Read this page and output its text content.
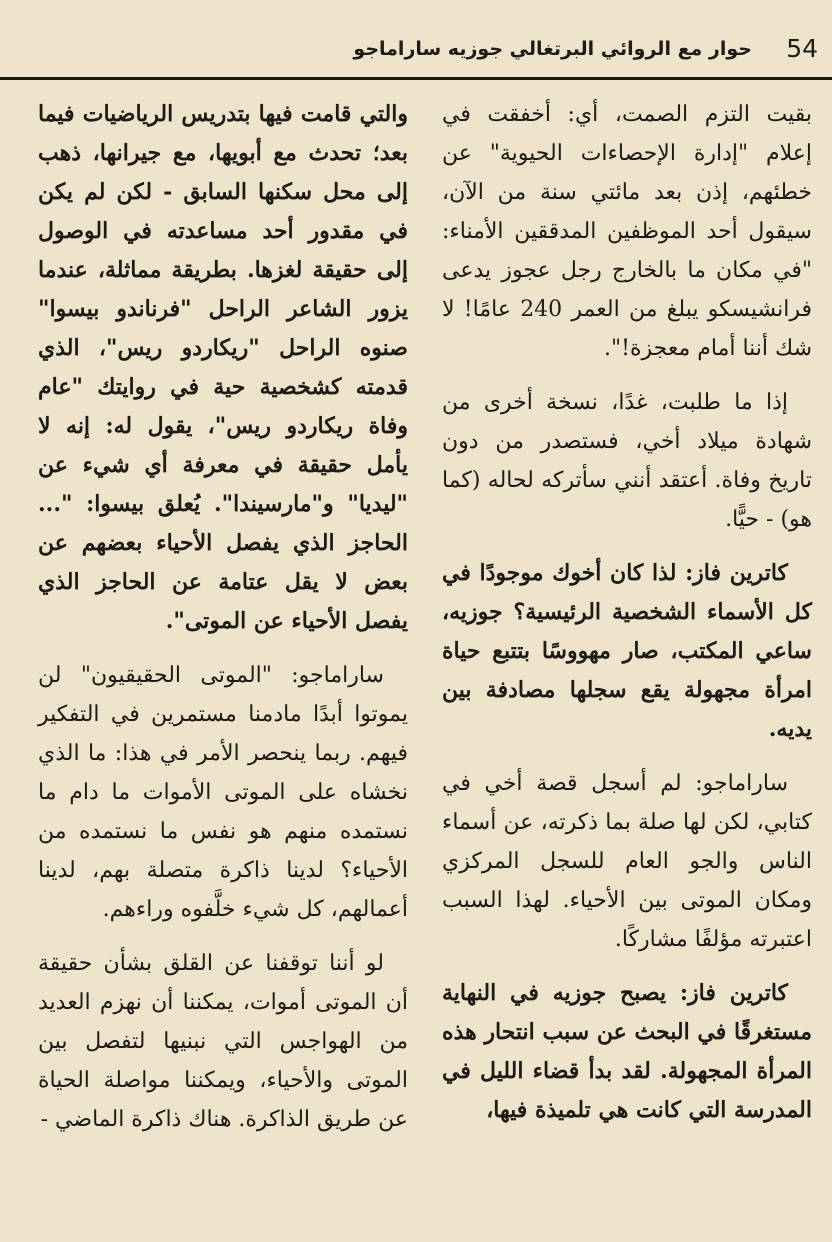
54
حوار مع الروائي البرتغالي جوزيه ساراماجو

بقيت التزم الصمت، أي: أخفقت في إعلام "إدارة الإحصاءات الحيوية" عن خطئهم، إذن بعد مائتي سنة من الآن، سيقول أحد الموظفين المدققين الأمناء: "في مكان ما بالخارج رجل عجوز يدعى فرانشيسكو يبلغ من العمر 240 عامًا! لا شك أننا أمام معجزة!".

إذا ما طلبت، غدًا، نسخة أخرى من شهادة ميلاد أخي، فستصدر من دون تاريخ وفاة. أعتقد أنني سأتركه لحاله (كما هو) - حيًّا.

كاترين فاز: لذا كان أخوك موجودًا في كل الأسماء الشخصية الرئيسية؟ جوزيه، ساعي المكتب، صار مهووسًا بتتبع حياة امرأة مجهولة يقع سجلها مصادفة بين يديه.

ساراماجو: لم أسجل قصة أخي في كتابي، لكن لها صلة بما ذكرته، عن أسماء الناس والجو العام للسجل المركزي ومكان الموتى بين الأحياء. لهذا السبب اعتبرته مؤلفًا مشاركًا.

كاترين فاز: يصبح جوزيه في النهاية مستغرقًا في البحث عن سبب انتحار هذه المرأة المجهولة. لقد بدأ قضاء الليل في المدرسة التي كانت هي تلميذة فيها،

والتي قامت فيها بتدريس الرياضيات فيما بعد؛ تحدث مع أبويها، مع جيرانها، ذهب إلى محل سكنها السابق - لكن لم يكن في مقدور أحد مساعدته في الوصول إلى حقيقة لغزها. بطريقة مماثلة، عندما يزور الشاعر الراحل "فرناندو بيسوا" صنوه الراحل "ريكاردو ريس"، الذي قدمته كشخصية حية في روايتك "عام وفاة ريكاردو ريس"، يقول له: إنه لا يأمل حقيقة في معرفة أي شيء عن "ليديا" و"مارسيندا". يُعلق بيسوا: "... الحاجز الذي يفصل الأحياء بعضهم عن بعض لا يقل عتامة عن الحاجز الذي يفصل الأحياء عن الموتى".

ساراماجو: "الموتى الحقيقيون" لن يموتوا أبدًا مادمنا مستمرين في التفكير فيهم. ربما ينحصر الأمر في هذا: ما الذي نخشاه على الموتى الأموات ما دام ما نستمده منهم هو نفس ما نستمده من الأحياء؟ لدينا ذاكرة متصلة بهم، لدينا أعمالهم، كل شيء خلَّفوه وراءهم.

لو أننا توقفنا عن القلق بشأن حقيقة أن الموتى أموات، يمكننا أن نهزم العديد من الهواجس التي نبنيها لتفصل بين الموتى والأحياء، ويمكننا مواصلة الحياة عن طريق الذاكرة. هناك ذاكرة الماضي -
